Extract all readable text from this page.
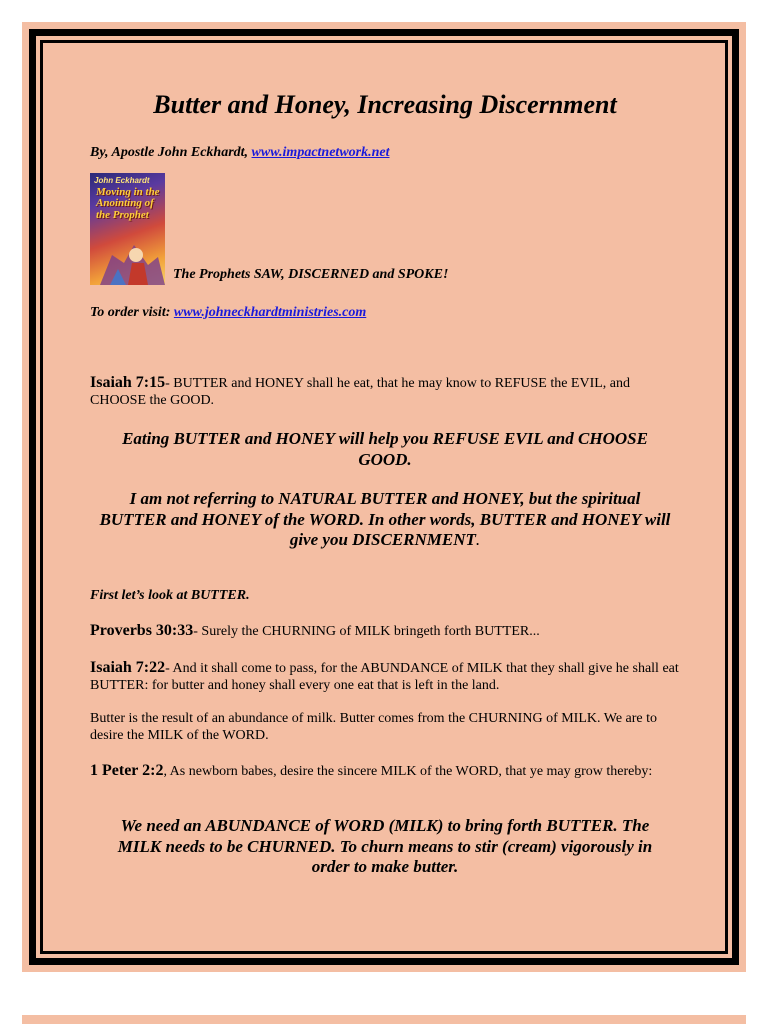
Butter and Honey, Increasing Discernment
By, Apostle John Eckhardt, www.impactnetwork.net
John Eckhardt
Moving in the Anointing of the Prophet
The Prophets SAW, DISCERNED and SPOKE!
To order visit: www.johneckhardtministries.com
Isaiah 7:15- BUTTER and HONEY shall he eat, that he may know to REFUSE the EVIL, and CHOOSE the GOOD.
Eating BUTTER and HONEY will help you REFUSE EVIL and CHOOSE GOOD.
I am not referring to NATURAL BUTTER and HONEY, but the spiritual BUTTER and HONEY of the WORD. In other words, BUTTER and HONEY will give you DISCERNMENT.
First let’s look at BUTTER.
Proverbs 30:33- Surely the CHURNING of MILK bringeth forth BUTTER...
Isaiah 7:22- And it shall come to pass, for the ABUNDANCE of MILK that they shall give he shall eat BUTTER: for butter and honey shall every one eat that is left in the land.
Butter is the result of an abundance of milk. Butter comes from the CHURNING of MILK. We are to desire the MILK of the WORD.
1 Peter 2:2, As newborn babes, desire the sincere MILK of the WORD, that ye may grow thereby:
We need an ABUNDANCE of WORD (MILK) to bring forth BUTTER. The MILK needs to be CHURNED. To churn means to stir (cream) vigorously in order to make butter.
